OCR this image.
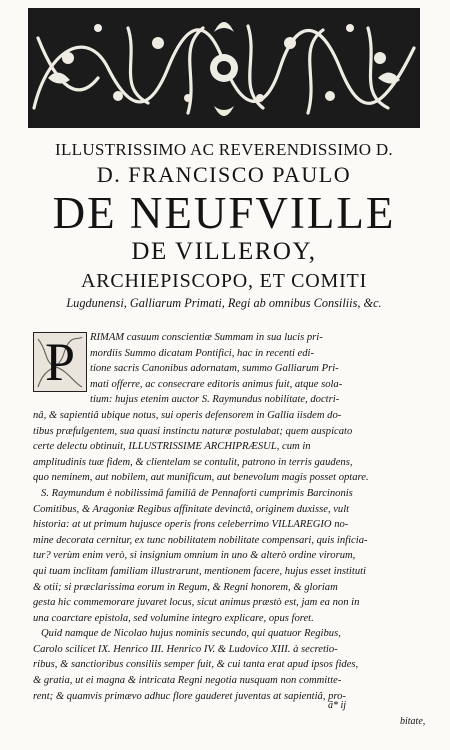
ILLUSTRISSIMO AC REVERENDISSIMO D.
D. FRANCISCO PAULO
DE NEUFVILLE
DE VILLEROY,
ARCHIEPISCOPO, ET COMITI
Lugdunensi, Galliarum Primati, Regi ab omnibus Consiliis, &c.
P	RIMAM casuum conscientiæ Summam in sua lucis pri-
mordiis Summo dicatam Pontifici, hac in recenti edi-
tione sacris Canonibus adornatam, summo Galliarum Pri-
mati offerre, ac consecrare editoris animus fuit, atque sola-
tium: hujus etenim auctor S. Raymundus nobilitate, doctri-
nâ, & sapientiâ ubique notus, sui operis defensorem in Gallia iisdem do-
tibus præfulgentem, sua quasi instinctu naturæ postulabat; quem auspicato
certe delectu obtinuit, ILLUSTRISSIME ARCHIPRÆSUL, cum in
amplitudinis tuæ fidem, & clientelam se contulit, patrono in terris gaudens,
quo neminem, aut nobilem, aut munificum, aut benevolum magis posset optare.
S. Raymundum è nobilissimâ familiâ de Pennaforti cumprimis Barcinonis
Comitibus, & Aragoniæ Regibus affinitate devinctâ, originem duxisse, vult
historia: at ut primum hujusce operis frons celeberrimo VILLAREGIO no-
mine decorata cernitur, ex tunc nobilitatem nobilitate compensari, quis inficia-
tur? verùm enim verò, si insignium omnium in uno & alterò ordine virorum,
qui tuam inclitam familiam illustrarunt, mentionem facere, hujus esset instituti
& otii; si præclarissima eorum in Regum, & Regni honorem, & gloriam
gesta hic commemorare juvaret locus, sicut animus præstò est, jam ea non in
una coarctare epistola, sed volumine integro explicare, opus foret.
Quid namque de Nicolao hujus nominis secundo, qui quatuor Regibus,
Carolo scilicet IX. Henrico III. Henrico IV. & Ludovico XIII. à secretio-
ribus, & sanctioribus consiliis semper fuit, & cui tanta erat apud ipsos fides,
& gratia, ut ei magna & intricata Regni negotia nusquam non committe-
rent; & quamvis primævo adhuc flore gauderet juventas at sapientiâ, pro-
ã* ij
bitate,
